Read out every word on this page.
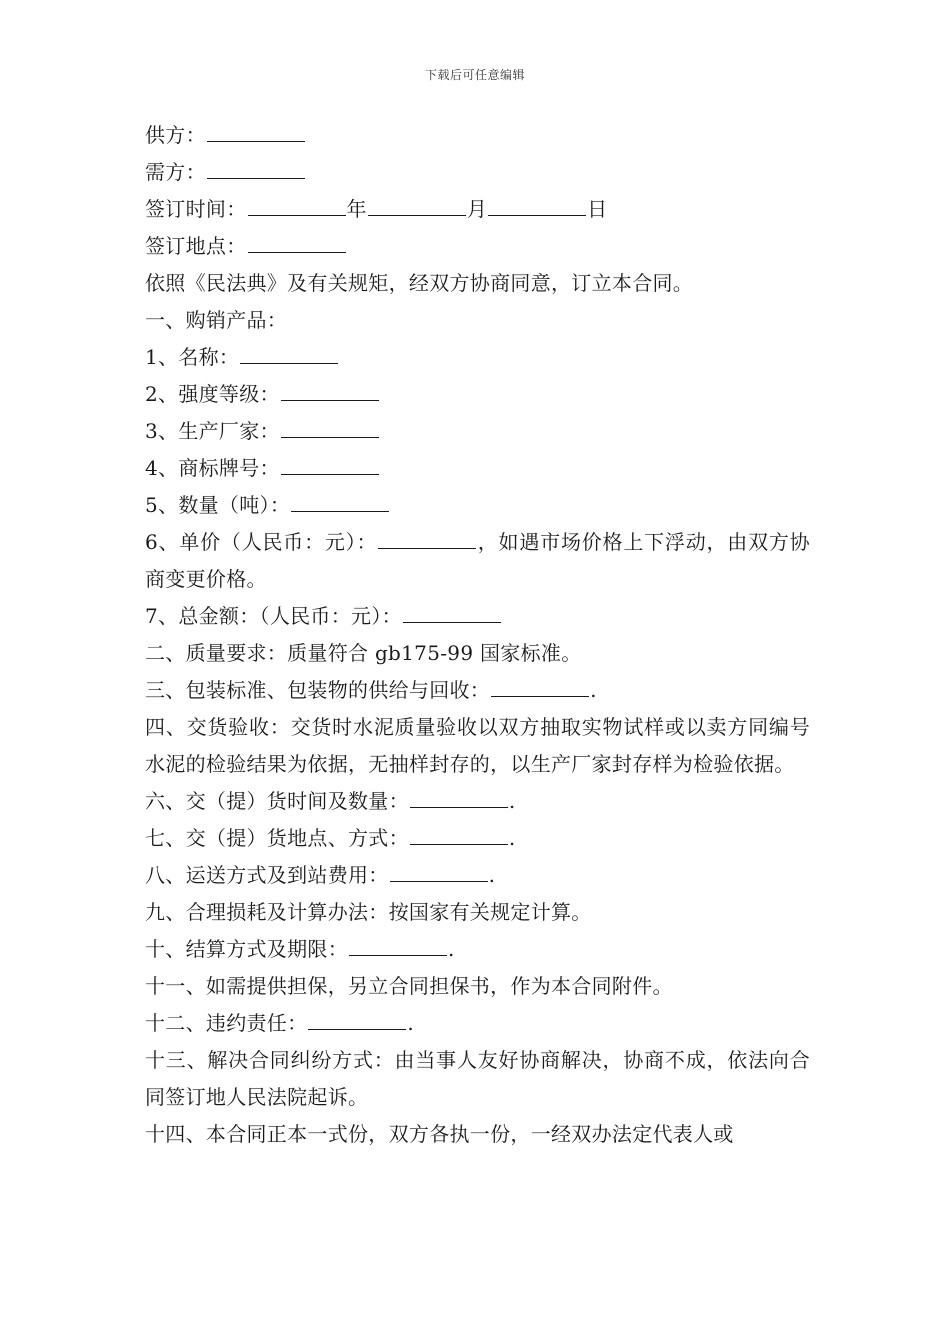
下载后可任意编辑
供方：
需方：
签订时间：	年	月	日
签订地点：
依照《民法典》及有关规矩，经双方协商同意，订立本合同。
一、购销产品：
1、名称：
2、强度等级：
3、生产厂家：
4、商标牌号：
5、数量（吨）：
6、单价（人民币：元）：	，如遇市场价格上下浮动，由双方协商变更价格。
7、总金额：（人民币：元）：
二、质量要求：质量符合 gb175-99 国家标准。
三、包装标准、包装物的供给与回收：	.
四、交货验收：交货时水泥质量验收以双方抽取实物试样或以卖方同编号水泥的检验结果为依据，无抽样封存的，以生产厂家封存样为检验依据。
六、交（提）货时间及数量：	.
七、交（提）货地点、方式：	.
八、运送方式及到站费用：	.
九、合理损耗及计算办法：按国家有关规定计算。
十、结算方式及期限：	.
十一、如需提供担保，另立合同担保书，作为本合同附件。
十二、违约责任：	.
十三、解决合同纠纷方式：由当事人友好协商解决，协商不成，依法向合同签订地人民法院起诉。
十四、本合同正本一式份，双方各执一份，一经双办法定代表人或
